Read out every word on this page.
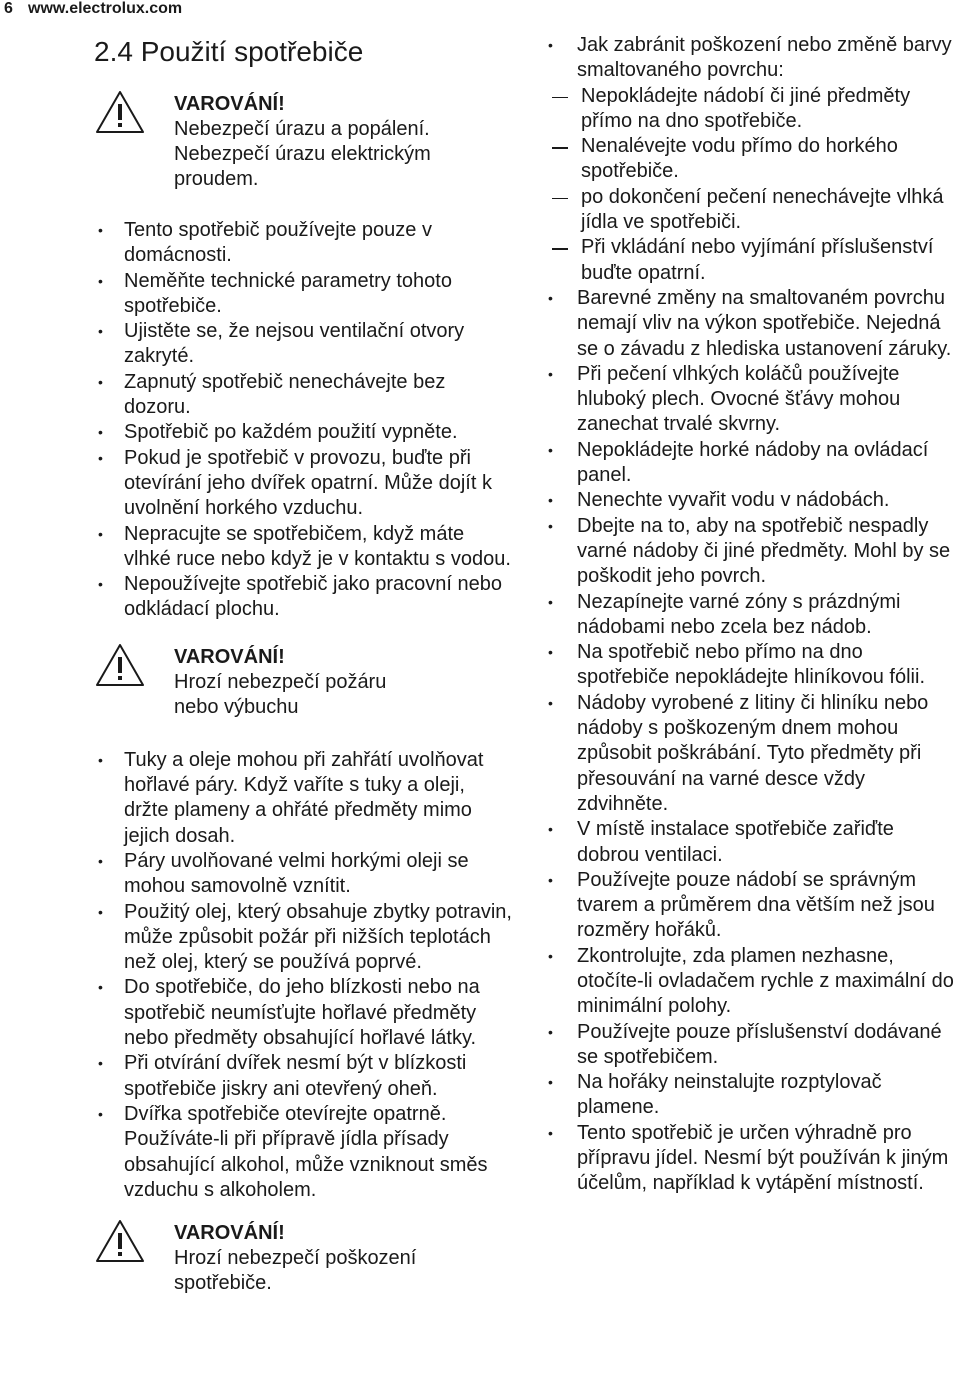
6 www.electrolux.com
2.4 Použití spotřebiče
VAROVÁNÍ!
Nebezpečí úrazu a popálení.
Nebezpečí úrazu elektrickým
proudem.
• Tento spotřebič používejte pouze v domácnosti.
• Neměňte technické parametry tohoto spotřebiče.
• Ujistěte se, že nejsou ventilační otvory zakryté.
• Zapnutý spotřebič nenechávejte bez dozoru.
• Spotřebič po každém použití vypněte.
• Pokud je spotřebič v provozu, buďte při otevírání jeho dvířek opatrní. Může dojít k uvolnění horkého vzduchu.
• Nepracujte se spotřebičem, když máte vlhké ruce nebo když je v kontaktu s vodou.
• Nepoužívejte spotřebič jako pracovní nebo odkládací plochu.
VAROVÁNÍ!
Hrozí nebezpečí požáru
nebo výbuchu
• Tuky a oleje mohou při zahřátí uvolňovat hořlavé páry. Když vaříte s tuky a oleji, držte plameny a ohřáté předměty mimo jejich dosah.
• Páry uvolňované velmi horkými oleji se mohou samovolně vznítit.
• Použitý olej, který obsahuje zbytky potravin, může způsobit požár při nižších teplotách než olej, který se používá poprvé.
• Do spotřebiče, do jeho blízkosti nebo na spotřebič neumísťujte hořlavé předměty nebo předměty obsahující hořlavé látky.
• Při otvírání dvířek nesmí být v blízkosti spotřebiče jiskry ani otevřený oheň.
• Dvířka spotřebiče otevírejte opatrně. Používáte-li při přípravě jídla přísady obsahující alkohol, může vzniknout směs vzduchu s alkoholem.
VAROVÁNÍ!
Hrozí nebezpečí poškození
spotřebiče.
• Jak zabránit poškození nebo změně barvy smaltovaného povrchu:
Nepokládejte nádobí či jiné předměty přímo na dno spotřebiče.
Nenalévejte vodu přímo do horkého spotřebiče.
po dokončení pečení nenechávejte vlhká jídla ve spotřebiči.
Při vkládání nebo vyjímání příslušenství buďte opatrní.
• Barevné změny na smaltovaném povrchu nemají vliv na výkon spotřebiče. Nejedná se o závadu z hlediska ustanovení záruky.
• Při pečení vlhkých koláčů používejte hluboký plech. Ovocné šťávy mohou zanechat trvalé skvrny.
• Nepokládejte horké nádoby na ovládací panel.
• Nenechte vyvařit vodu v nádobách.
• Dbejte na to, aby na spotřebič nespadly varné nádoby či jiné předměty. Mohl by se poškodit jeho povrch.
• Nezapínejte varné zóny s prázdnými nádobami nebo zcela bez nádob.
• Na spotřebič nebo přímo na dno spotřebiče nepokládejte hliníkovou fólii.
• Nádoby vyrobené z litiny či hliníku nebo nádoby s poškozeným dnem mohou způsobit poškrábání. Tyto předměty při přesouvání na varné desce vždy zdvihněte.
• V místě instalace spotřebiče zařiďte dobrou ventilaci.
• Používejte pouze nádobí se správným tvarem a průměrem dna větším než jsou rozměry hořáků.
• Zkontrolujte, zda plamen nezhasne, otočíte-li ovladačem rychle z maximální do minimální polohy.
• Používejte pouze příslušenství dodávané se spotřebičem.
• Na hořáky neinstalujte rozptylovač plamene.
• Tento spotřebič je určen výhradně pro přípravu jídel. Nesmí být používán k jiným účelům, například k vytápění místností.
